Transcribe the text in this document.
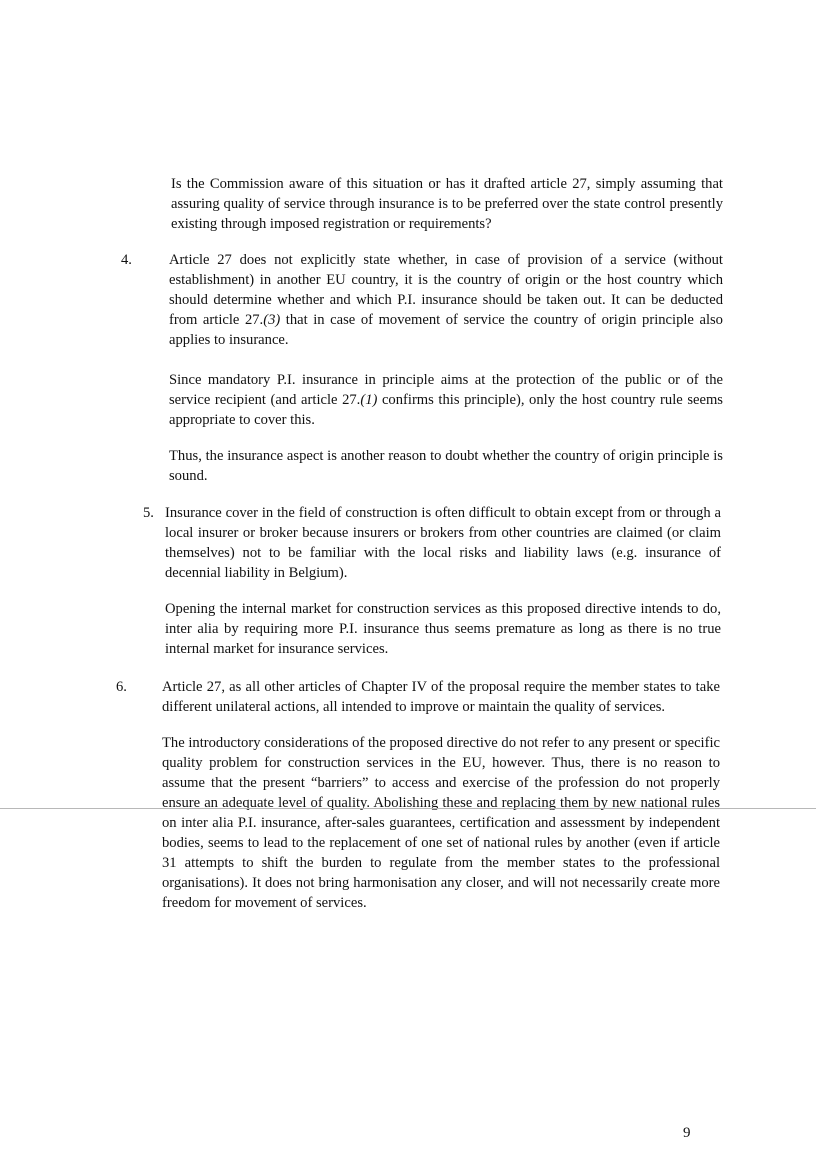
Is the Commission aware of this situation or has it drafted article 27, simply assuming that assuring quality of service through insurance is to be preferred over the state control presently existing through imposed registration or requirements?

4.	Article 27 does not explicitly state whether, in case of provision of a service (without establishment) in another EU country, it is the country of origin or the host country which should determine whether and which P.I. insurance should be taken out. It can be deducted from article 27.(3) that in case of movement of service the country of origin principle also applies to insurance.

Since mandatory P.I. insurance in principle aims at the protection of the public or of the service recipient (and article 27.(1) confirms this principle), only the host country rule seems appropriate to cover this.

Thus, the insurance aspect is another reason to doubt whether the country of origin principle is sound.

5. Insurance cover in the field of construction is often difficult to obtain except from or through a local insurer or broker because insurers or brokers from other countries are claimed (or claim themselves) not to be familiar with the local risks and liability laws (e.g. insurance of decennial liability in Belgium).

Opening the internal market for construction services as this proposed directive intends to do, inter alia by requiring more P.I. insurance thus seems premature as long as there is no true internal market for insurance services.

6. Article 27, as all other articles of Chapter IV of the proposal require the member states to take different unilateral actions, all intended to improve or maintain the quality of services.

The introductory considerations of the proposed directive do not refer to any present or specific quality problem for construction services in the EU, however. Thus, there is no reason to assume that the present “barriers” to access and exercise of the profession do not properly ensure an adequate level of quality. Abolishing these and replacing them by new national rules on inter alia P.I. insurance, after-sales guarantees, certification and assessment by independent bodies, seems to lead to the replacement of one set of national rules by another (even if article 31 attempts to shift the burden to regulate from the member states to the professional organisations). It does not bring harmonisation any closer, and will not necessarily create more freedom for movement of services.

9
